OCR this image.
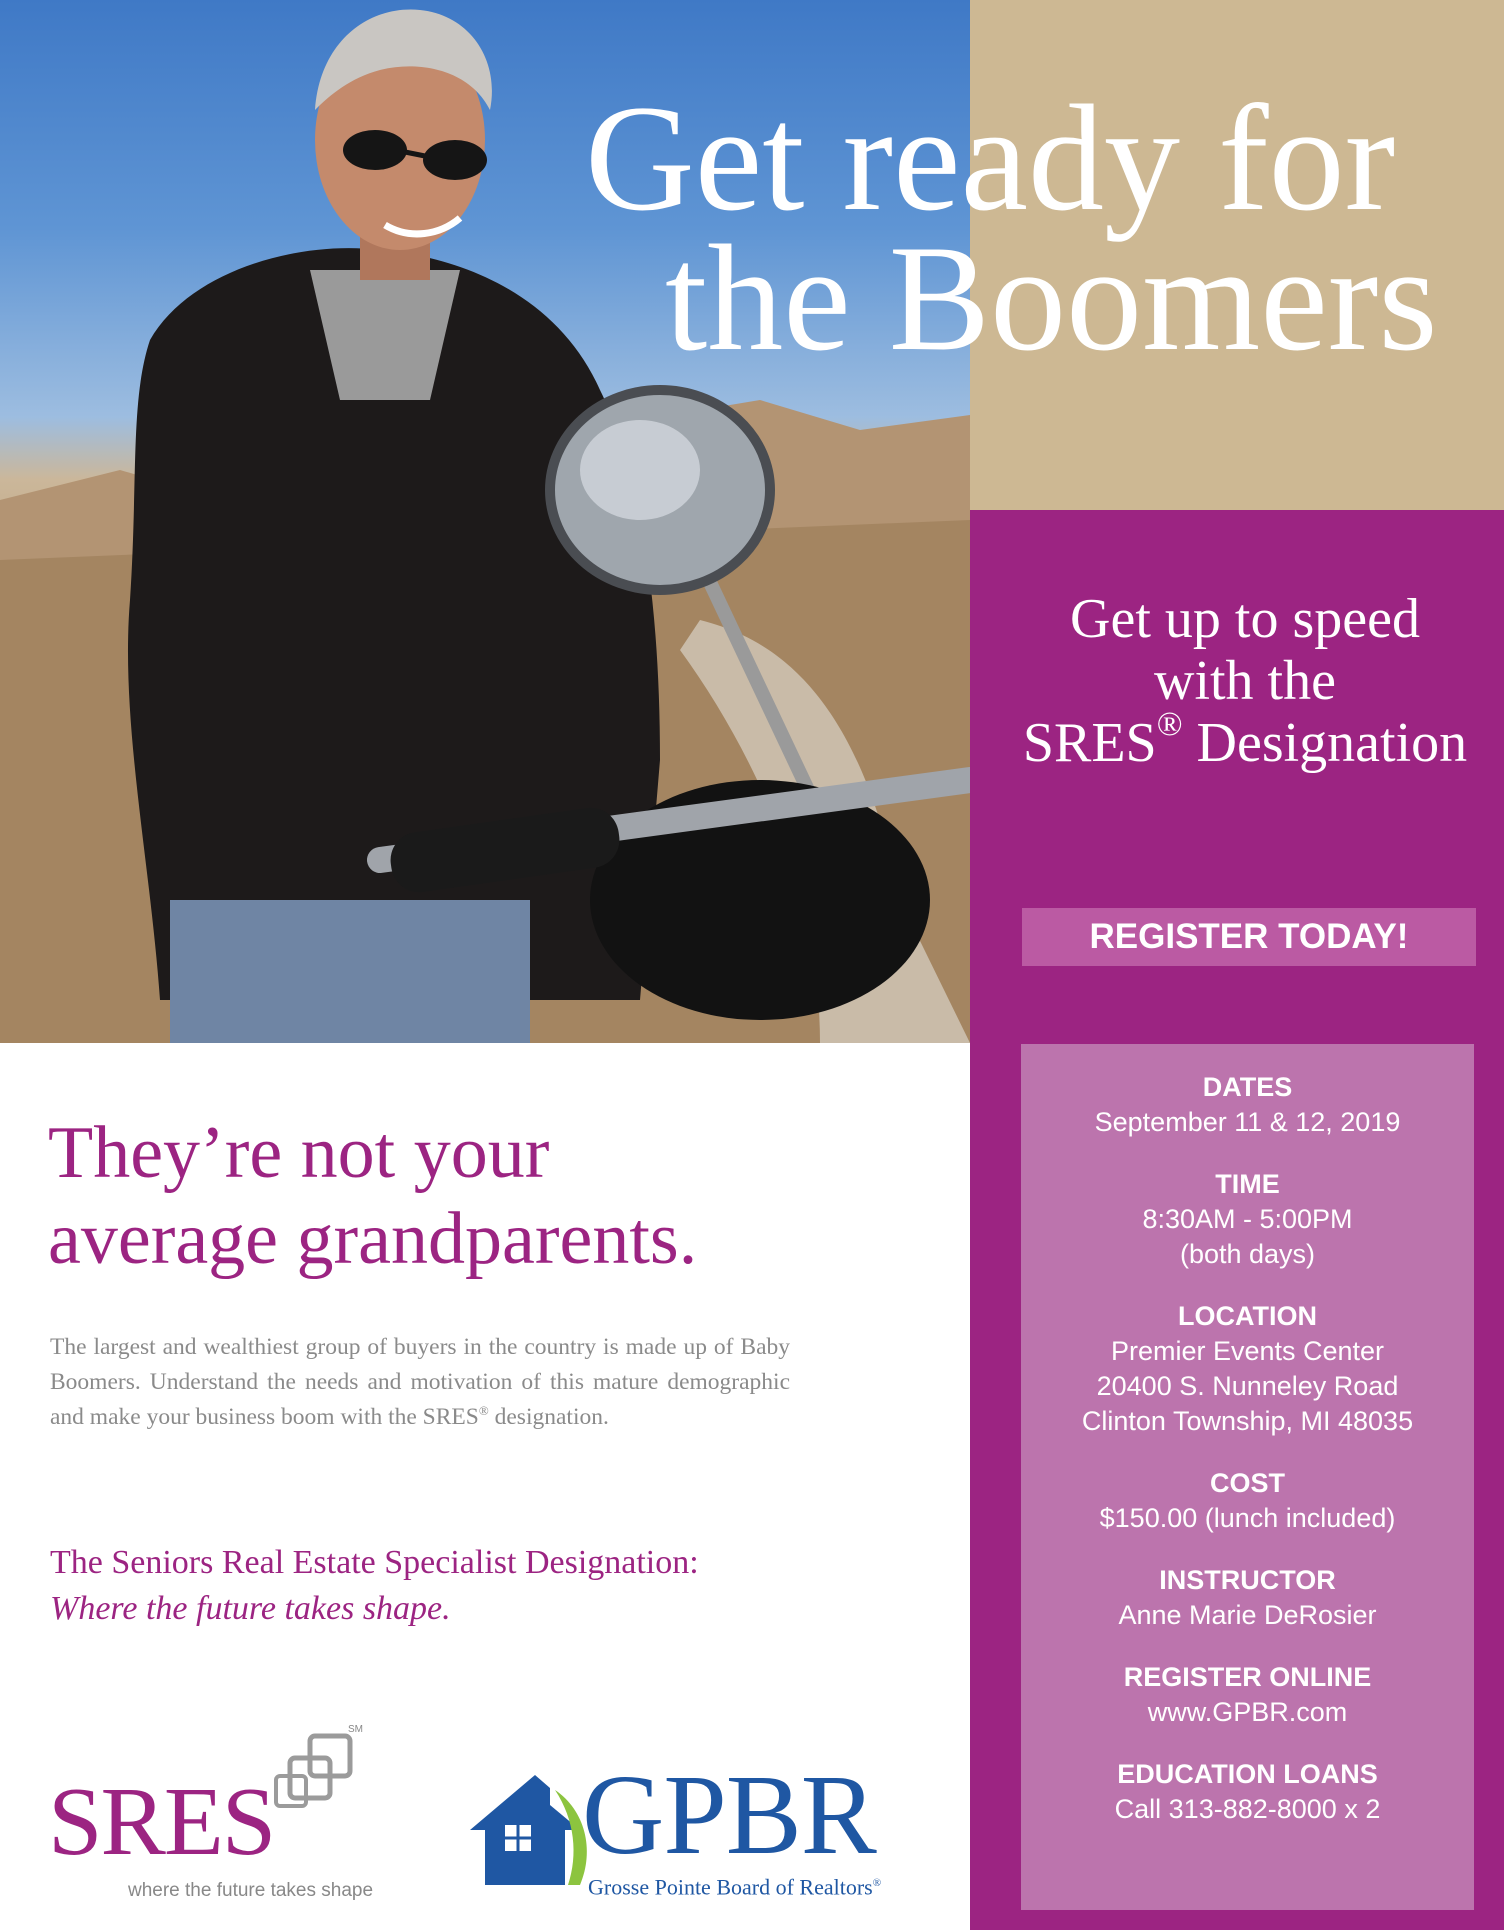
Get ready for
the Boomers
Get up to speed
with the
SRES® Designation
REGISTER TODAY!
DATES
September 11 & 12, 2019
TIME
8:30AM - 5:00PM
(both days)
LOCATION
Premier Events Center
20400 S. Nunneley Road
Clinton Township, MI 48035
COST
$150.00 (lunch included)
INSTRUCTOR
Anne Marie DeRosier
REGISTER ONLINE
www.GPBR.com
EDUCATION LOANS
Call 313-882-8000 x 2
They’re not your
average grandparents.

The largest and wealthiest group of buyers in the country is made up of Baby Boomers. Understand the needs and motivation of this mature demographic and make your business boom with the SRES® designation.

The Seniors Real Estate Specialist Designation:
Where the future takes shape.
SM
SRES
where the future takes shape
GPBR
Grosse Pointe Board of Realtors®
